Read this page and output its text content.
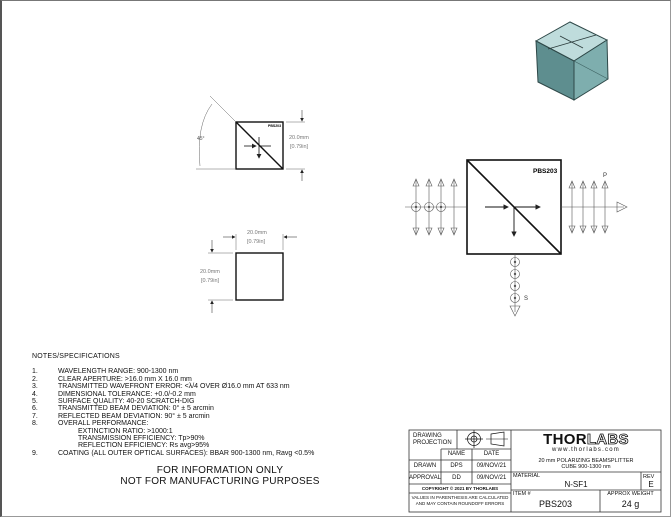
PBS203
45°	20.0mm
[0.79in]
20.0mm
[0.79in]
20.0mm
[0.79in]
PBS203
P
S
NOTES/SPECIFICATIONS
1.	WAVELENGTH RANGE: 900-1300 nm
2.	CLEAR APERTURE: >16.0 mm X 16.0 mm
3.	TRANSMITTED WAVEFRONT ERROR: <λ/4 OVER Ø16.0 mm AT 633 nm
4.	DIMENSIONAL TOLERANCE: +0.0/-0.2 mm
5.	SURFACE QUALITY: 40-20 SCRATCH-DIG
6.	TRANSMITTED BEAM DEVIATION: 0° ± 5 arcmin
7.	REFLECTED BEAM DEVIATION: 90° ± 5 arcmin
8.	OVERALL PERFORMANCE:
EXTINCTION RATIO: >1000:1
TRANSMISSION EFFICIENCY: Tp>90%
REFLECTION EFFICIENCY: Rs avg>95%
9.	COATING (ALL OUTER OPTICAL SURFACES): BBAR 900-1300 nm, Ravg <0.5%
FOR INFORMATION ONLY
NOT FOR MANUFACTURING PURPOSES
DRAWING
PROJECTION
NAME	DATE
DRAWN	DPS	09/NOV/21
APPROVAL	DD	09/NOV/21
COPYRIGHT © 2021 BY THORLABS
VALUES IN PARENTHESIS ARE CALCULATED
AND MAY CONTAIN ROUNDOFF ERRORS
THORLABS
www.thorlabs.com
20 mm POLARIZING BEAMSPLITTER
CUBE 900-1300 nm
MATERIAL
N-SF1
REV
E
ITEM #
PBS203
APPROX WEIGHT
24 g
